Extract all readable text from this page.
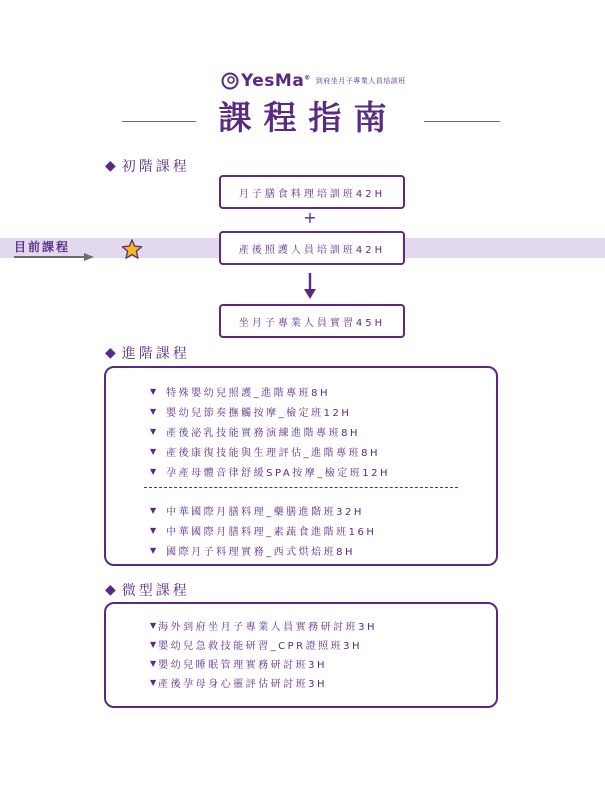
YesMa® 到府坐月子專業人員培訓班
課程指南
◆ 初階課程
月子膳食料理培訓班42H
+
目前課程	產後照護人員培訓班42H
坐月子專業人員實習45H
◆ 進階課程
▼ 特殊嬰幼兒照護_進階專班8H
▼ 嬰幼兒節奏撫觸按摩_檢定班12H
▼ 產後泌乳技能實務演練進階專班8H
▼ 產後康復技能與生理評估_進階專班8H
▼ 孕產母體音律舒緩SPA按摩_檢定班12H
▼ 中華國際月膳料理_藥膳進階班32H
▼ 中華國際月膳料理_素蔬食進階班16H
▼ 國際月子料理實務_西式烘焙班8H
◆ 微型課程
▼ 海外到府坐月子專業人員實務研討班3H
▼ 嬰幼兒急救技能研習_CPR證照班3H
▼ 嬰幼兒睡眠管理實務研討班3H
▼ 產後孕母身心靈評估研討班3H
